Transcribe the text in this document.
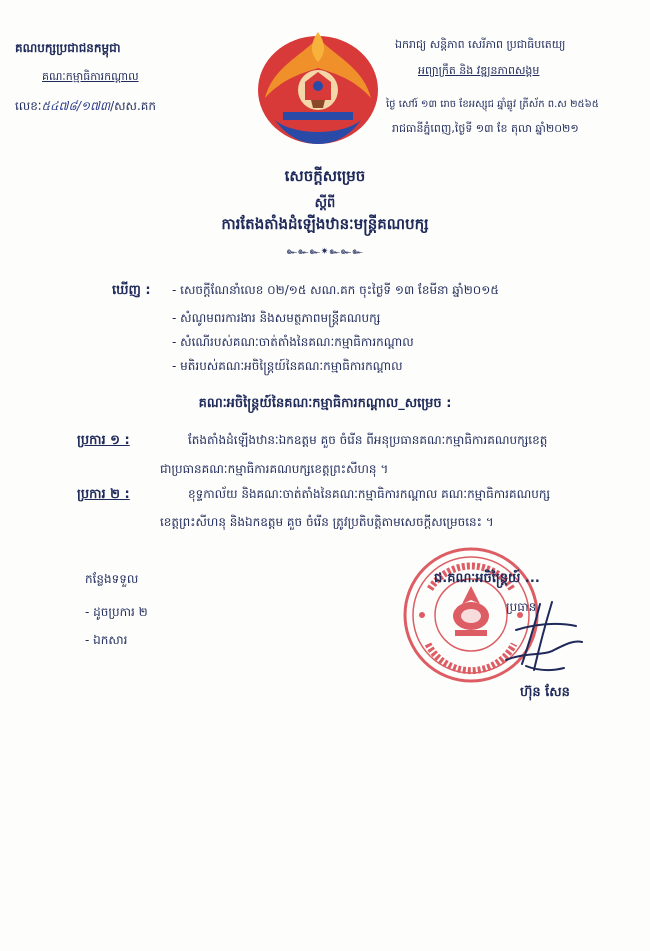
គណបក្សប្រជាជនកម្ពុជា
គណៈកម្មាធិការកណ្តាល
លេខៈ៥៤៧៨/១៧៣/សស.គក
ឯករាជ្យ សន្តិភាព សេរីភាព ប្រជាធិបតេយ្យ
អព្យាក្រឹត និង វឌ្ឍនភាពសង្គម
ថ្ងៃ សៅរ៍ ១៣ រោច ខែអស្សុជ ឆ្នាំឆ្លូវ ត្រីស័ក ព.ស ២៥៦៥
រាជធានីភ្នំពេញ,ថ្ងៃទី ១៣ ខែ តុលា ឆ្នាំ២០២១
សេចក្តីសម្រេច
ស្តីពី
ការតែងតាំងដំឡើងឋានៈមន្ត្រីគណបក្ស
๛๛๛✷๛๛๛
ឃើញ : - សេចក្តីណែនាំលេខ ០២/១៥ សណ.គក ចុះថ្ងៃទី ១៣ ខែមីនា ឆ្នាំ២០១៥
- សំណូមពរការងារ និងសមត្ថភាពមន្ត្រីគណបក្ស
- សំណើរបស់គណៈចាត់តាំងនៃគណៈកម្មាធិការកណ្តាល
- មតិរបស់គណៈអចិន្ត្រៃយ៍នៃគណៈកម្មាធិការកណ្តាល
គណៈអចិន្ត្រៃយ៍នៃគណៈកម្មាធិការកណ្តាល_សម្រេច :
ប្រការ ១ :	តែងតាំងដំឡើងឋានៈឯកឧត្តម គួច ចំរើន ពីអនុប្រធានគណៈកម្មាធិការគណបក្សខេត្ត
ជាប្រធានគណៈកម្មាធិការគណបក្សខេត្តព្រះសីហនុ ។
ប្រការ ២ :	ខុទ្ទកាល័យ និងគណៈចាត់តាំងនៃគណៈកម្មាធិការកណ្តាល គណៈកម្មាធិការគណបក្ស
ខេត្តព្រះសីហនុ និងឯកឧត្តម គួច ចំរើន ត្រូវប្រតិបត្តិតាមសេចក្តីសម្រេចនេះ ។
កន្លែងទទួល
- ដូចប្រការ ២
- ឯកសារ
ជ.គណៈអចិន្ត្រៃយ៍ ...
ប្រធាន
ហ៊ុន សែន
